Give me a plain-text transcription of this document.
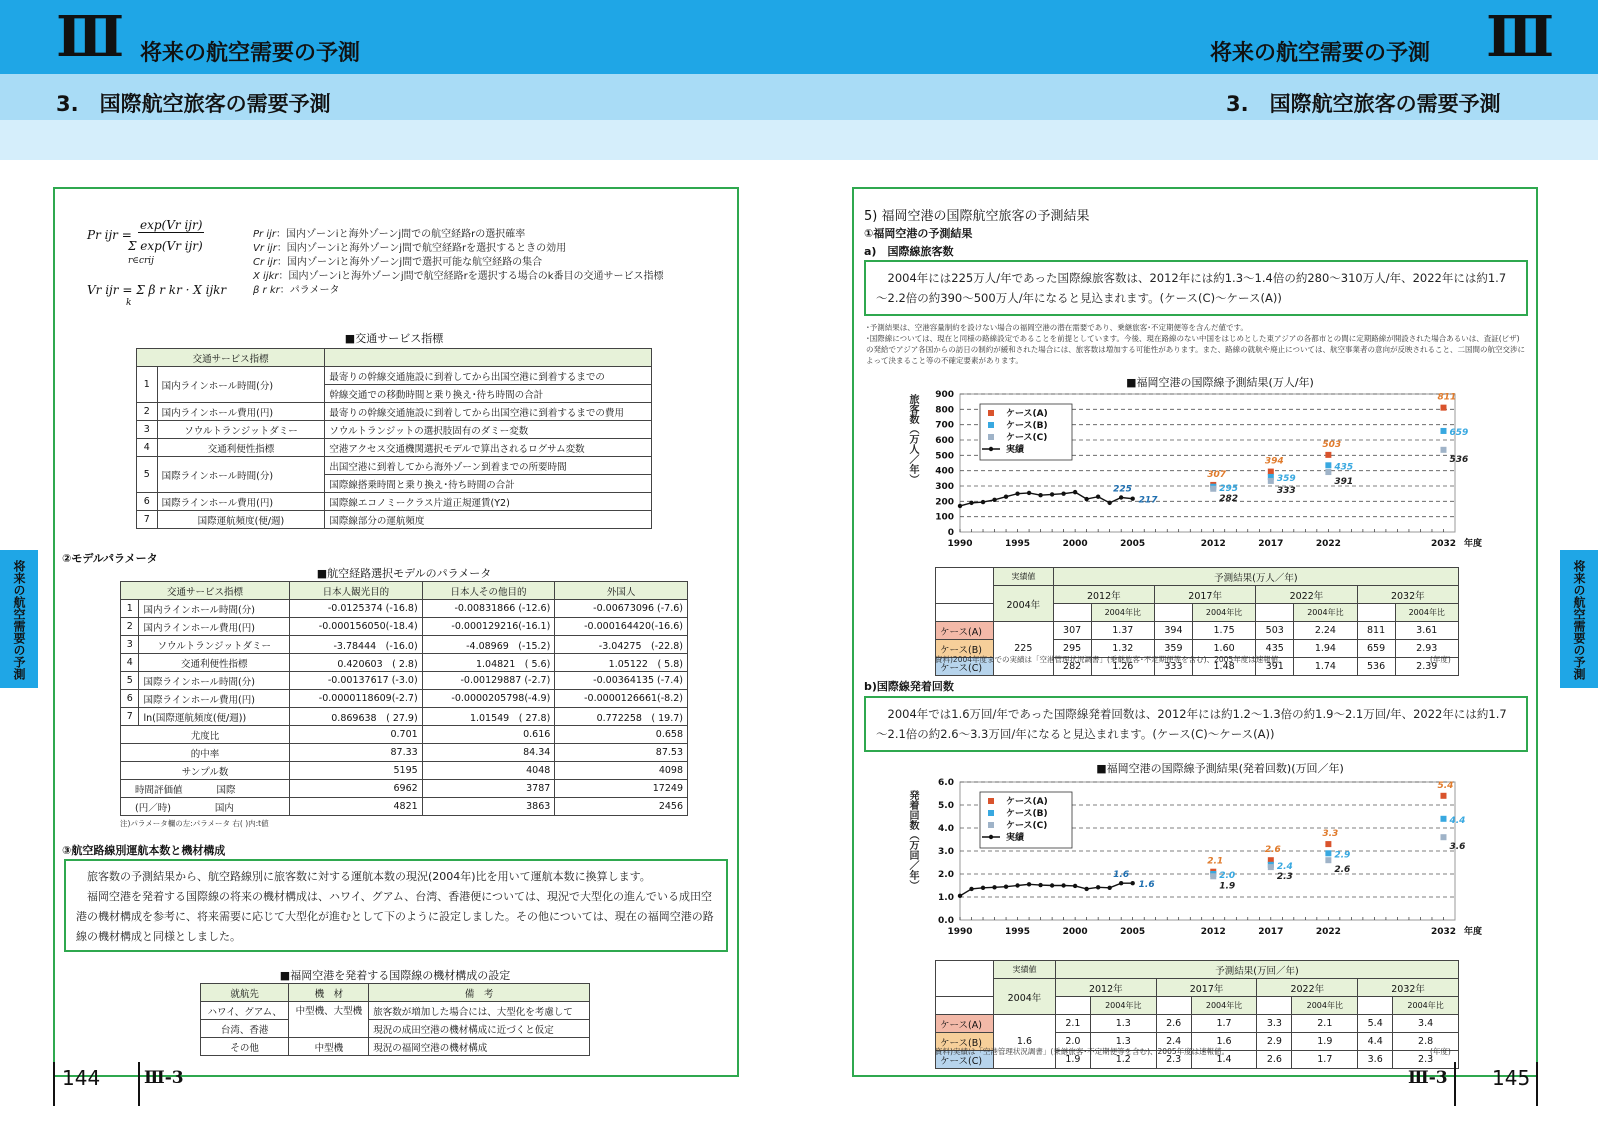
Ⅲ 将来の航空需要の予測
3.　国際航空旅客の需要予測
将来の航空需要の予測 Ⅲ
3.　国際航空旅客の需要予測
将来の航空需要の予測	将来の航空需要の予測
Pr ijr =
exp(Vr ijr)
Σ exp(Vr ijr)
r∈crij
Vr ijr = Σ β r kr · X ijkr
k
Pr ijr：国内ゾーンiと海外ゾーンj間での航空経路rの選択確率
Vr ijr：国内ゾーンiと海外ゾーンj間で航空経路rを選択するときの効用
Cr ijr：国内ゾーンiと海外ゾーンj間で選択可能な航空経路の集合
X ijkr：国内ゾーンiと海外ゾーンj間で航空経路rを選択する場合のk番目の交通サービス指標
β r kr：パラメータ
■交通サービス指標
交通サービス指標		
1	国内ラインホール時間(分)	最寄りの幹線交通施設に到着してから出国空港に到着するまでの
		幹線交通での移動時間と乗り換え･待ち時間の合計
2	国内ラインホール費用(円)	最寄りの幹線交通施設に到着してから出国空港に到着するまでの費用
3	ソウルトランジットダミー	ソウルトランジットの選択肢固有のダミー変数
4	交通利便性指標	空港アクセス交通機関選択モデルで算出されるログサム変数
5	国際ラインホール時間(分)	出国空港に到着してから海外ゾーン到着までの所要時間
		国際線搭乗時間と乗り換え･待ち時間の合計
6	国際ラインホール費用(円)	国際線エコノミークラス片道正規運賃(Y2)
7	国際運航頻度(便/週)	国際線部分の運航頻度
②モデルパラメータ
■航空経路選択モデルのパラメータ
交通サービス指標		日本人観光目的	日本人その他目的	外国人
1	国内ラインホール時間(分)	-0.0125374 (-16.8)	-0.00831866 (-12.6)	-0.00673096 (-7.6)
2	国内ラインホール費用(円)	-0.000156050(-18.4)	-0.000129216(-16.1)	-0.000164420(-16.6)
3	ソウルトランジットダミー	-3.78444　(-16.0)	-4.08969　(-15.2)	-3.04275　(-22.8)
4	交通利便性指標	0.420603　( 2.8)	1.04821　( 5.6)	1.05122　( 5.8)
5	国際ラインホール時間(分)	-0.00137617 (-3.0)	-0.00129887 (-2.7)	-0.00364135 (-7.4)
6	国際ラインホール費用(円)	-0.0000118609(-2.7)	-0.0000205798(-4.9)	-0.0000126661(-8.2)
7	ln(国際運航頻度(便/週))	0.869638　( 27.9)	1.01549　( 27.8)	0.772258　( 19.7)
尤度比		0.701	0.616	0.658
的中率		87.33	84.34	87.53
サンプル数		5195	4048	4098
時間評価値 国際		6962	3787	17249
(円／時) 国内		4821	3863	2456
注)パラメータ欄の左:パラメータ 右( )内:t値
③航空路線別運航本数と機材構成

　旅客数の予測結果から、航空路線別に旅客数に対する運航本数の現況(2004年)比を用いて運航本数に換算します。

　福岡空港を発着する国際線の将来の機材構成は、ハワイ、グアム、台湾、香港便については、現況で大型化の進んでいる成田空港の機材構成を参考に、将来需要に応じて大型化が進むとして下のように設定しました。その他については、現在の福岡空港の路線の機材構成と同様としました。

■福岡空港を発着する国際線の機材構成の設定
就航先	機　材	備　考
ハワイ、グアム、	中型機、大型機	旅客数が増加した場合には、大型化を考慮して
台湾、香港		現況の成田空港の機材構成に近づくと仮定
その他	中型機	現況の福岡空港の機材構成
5) 福岡空港の国際航空旅客の予測結果
①福岡空港の予測結果
a)　国際線旅客数
　2004年には225万人/年であった国際線旅客数は、2012年には約1.3～1.4倍の約280～310万人/年、2022年には約1.7～2.2倍の約390～500万人/年になると見込まれます。(ケース(C)～ケース(A))
･予測結果は、空港容量制約を設けない場合の福岡空港の潜在需要であり、乗継旅客･不定期便等を含んだ値です。
･国際線については、現在と同様の路線設定であることを前提としています。今後、現在路線のない中国をはじめとした東アジアの各都市との間に定期路線が開設された場合あるいは、査証(ビザ)の発給でアジア各国からの訪日の制約が緩和された場合には、旅客数は増加する可能性があります。また、路線の就航や廃止については、航空事業者の意向が反映されること、二国間の航空交渉によって決まること等の不確定要素があります。
■福岡空港の国際線予測結果(万人/年)
旅客数（万人／年）
0
100
200
300
400
500
600
700
800
900
1990	1995	2000	2005	2012	2017	2022	2032 年度
307
394
503
811
295
359
435
659
282
333
391
536
225
217
ケース(A)
ケース(B)
ケース(C)
実績
	実績値	予測結果(万人／年)							
	2004年	2012年		2017年		2022年		2032年	
			2004年比		2004年比		2004年比		2004年比
ケース(A)	225	307	1.37	394	1.75	503	2.24	811	3.61
ケース(B)		295	1.32	359	1.60	435	1.94	659	2.93
ケース(C)		282	1.26	333	1.48	391	1.74	536	2.39
資料)2004年度までの実績は「空港管理状況調書」(乗継旅客･不定期便等を含む)、2005年度は速報値。	(年度)
b)国際線発着回数
　2004年では1.6万回/年であった国際線発着回数は、2012年には約1.2～1.3倍の約1.9～2.1万回/年、2022年には約1.7～2.1倍の約2.6～3.3万回/年になると見込まれます。(ケース(C)～ケース(A))
■福岡空港の国際線予測結果(発着回数)(万回／年)
発着回数（万回／年）
0.0
1.0
2.0
3.0
4.0
5.0
6.0
1990	1995	2000	2005	2012	2017	2022	2032 年度
2.1
2.6
3.3
5.4
2.0
2.4
2.9
4.4
1.9
2.3
2.6
3.6
1.6
1.6
ケース(A)
ケース(B)
ケース(C)
実績
	実績値	予測結果(万回／年)							
	2004年	2012年		2017年		2022年		2032年	
			2004年比		2004年比		2004年比		2004年比
ケース(A)	1.6	2.1	1.3	2.6	1.7	3.3	2.1	5.4	3.4
ケース(B)		2.0	1.3	2.4	1.6	2.9	1.9	4.4	2.8
ケース(C)		1.9	1.2	2.3	1.4	2.6	1.7	3.6	2.3
資料)実績は「空港管理状況調書」(乗継旅客･不定期便等を含む)、2005年度は速報値。	(年度)
144	Ⅲ-3	Ⅲ-3 145
